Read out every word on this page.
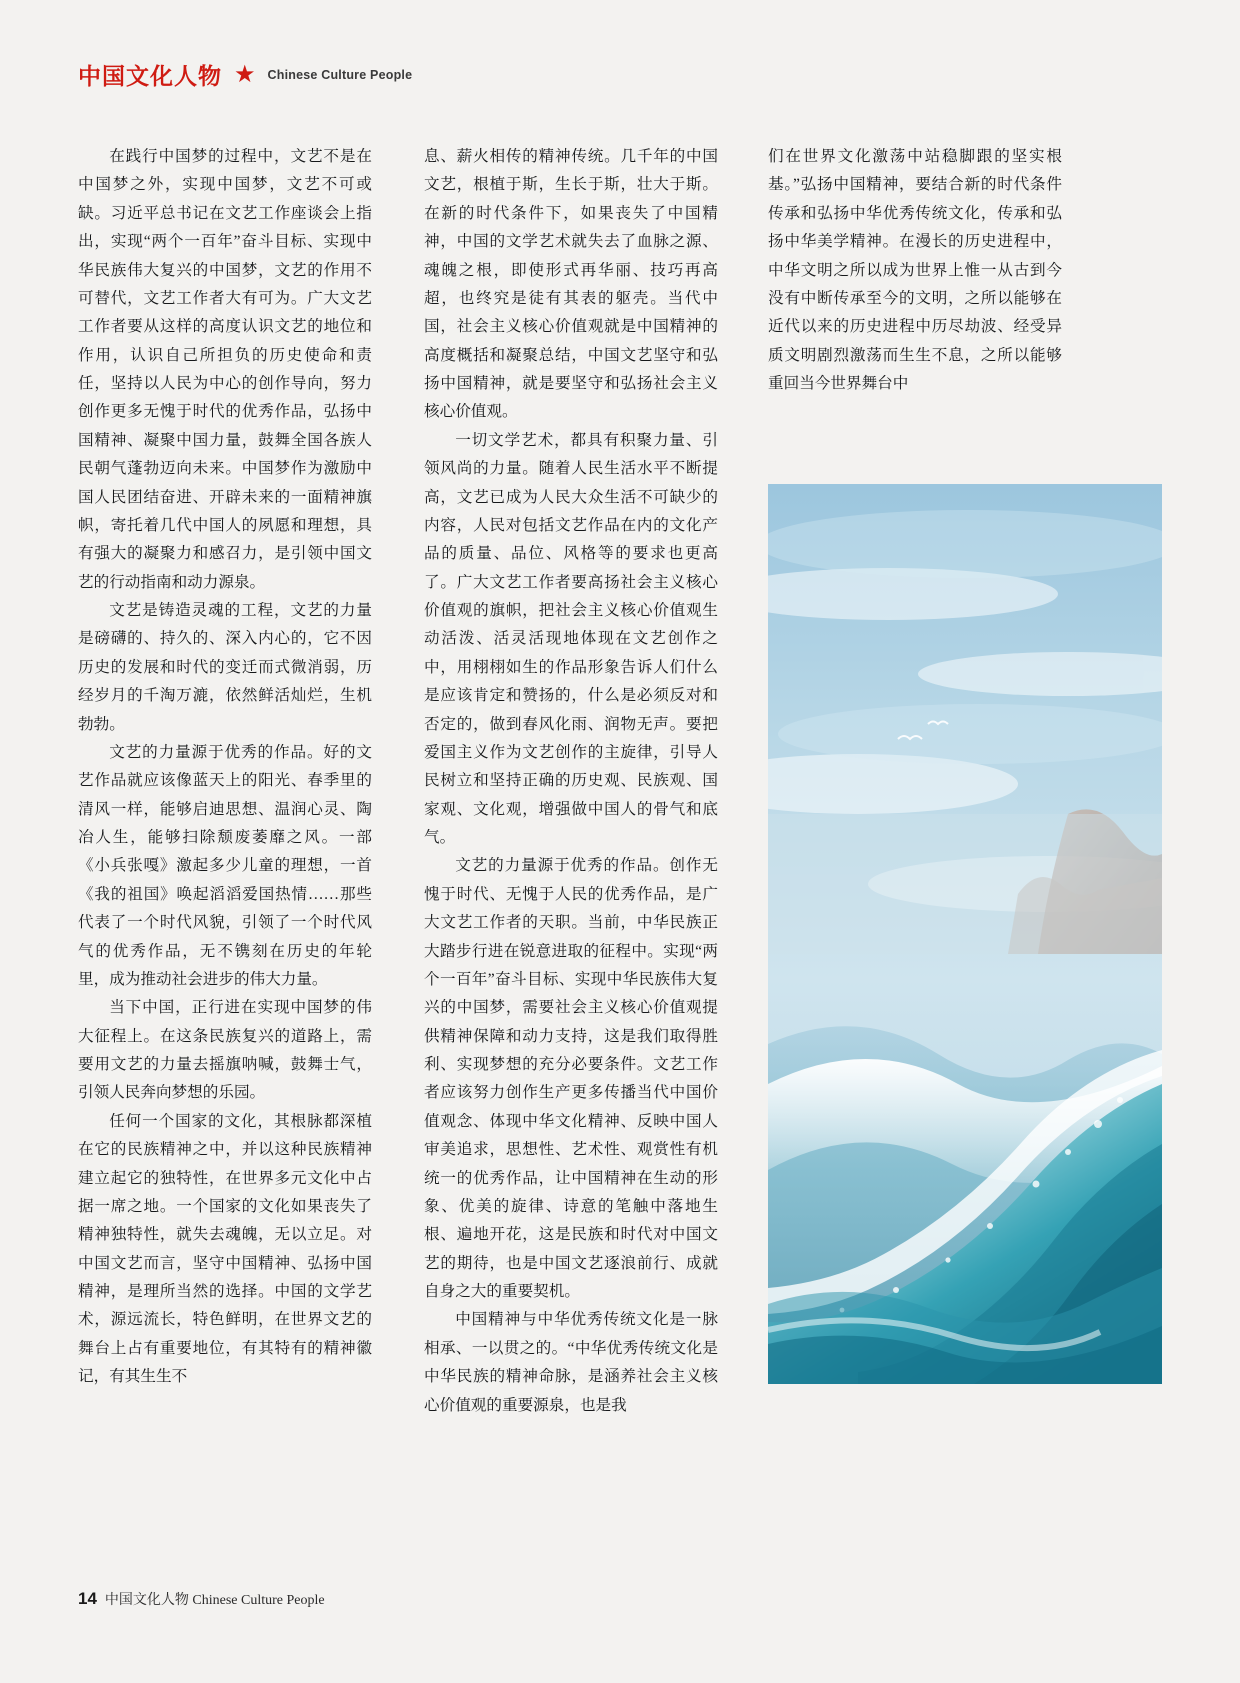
中国文化人物 ★ Chinese Culture People

在践行中国梦的过程中，文艺不是在中国梦之外，实现中国梦，文艺不可或缺。习近平总书记在文艺工作座谈会上指出，实现“两个一百年”奋斗目标、实现中华民族伟大复兴的中国梦，文艺的作用不可替代，文艺工作者大有可为。广大文艺工作者要从这样的高度认识文艺的地位和作用，认识自己所担负的历史使命和责任，坚持以人民为中心的创作导向，努力创作更多无愧于时代的优秀作品，弘扬中国精神、凝聚中国力量，鼓舞全国各族人民朝气蓬勃迈向未来。中国梦作为激励中国人民团结奋进、开辟未来的一面精神旗帜，寄托着几代中国人的夙愿和理想，具有强大的凝聚力和感召力，是引领中国文艺的行动指南和动力源泉。

文艺是铸造灵魂的工程，文艺的力量是磅礴的、持久的、深入内心的，它不因历史的发展和时代的变迁而式微消弱，历经岁月的千淘万漉，依然鲜活灿烂，生机勃勃。

文艺的力量源于优秀的作品。好的文艺作品就应该像蓝天上的阳光、春季里的清风一样，能够启迪思想、温润心灵、陶冶人生，能够扫除颓废萎靡之风。一部《小兵张嘎》激起多少儿童的理想，一首《我的祖国》唤起滔滔爱国热情……那些代表了一个时代风貌，引领了一个时代风气的优秀作品，无不镌刻在历史的年轮里，成为推动社会进步的伟大力量。

当下中国，正行进在实现中国梦的伟大征程上。在这条民族复兴的道路上，需要用文艺的力量去摇旗呐喊，鼓舞士气，引领人民奔向梦想的乐园。

任何一个国家的文化，其根脉都深植在它的民族精神之中，并以这种民族精神建立起它的独特性，在世界多元文化中占据一席之地。一个国家的文化如果丧失了精神独特性，就失去魂魄，无以立足。对中国文艺而言，坚守中国精神、弘扬中国精神，是理所当然的选择。中国的文学艺术，源远流长，特色鲜明，在世界文艺的舞台上占有重要地位，有其特有的精神徽记，有其生生不

息、薪火相传的精神传统。几千年的中国文艺，根植于斯，生长于斯，壮大于斯。在新的时代条件下，如果丧失了中国精神，中国的文学艺术就失去了血脉之源、魂魄之根，即使形式再华丽、技巧再高超，也终究是徒有其表的躯壳。当代中国，社会主义核心价值观就是中国精神的高度概括和凝聚总结，中国文艺坚守和弘扬中国精神，就是要坚守和弘扬社会主义核心价值观。

一切文学艺术，都具有积聚力量、引领风尚的力量。随着人民生活水平不断提高，文艺已成为人民大众生活不可缺少的内容，人民对包括文艺作品在内的文化产品的质量、品位、风格等的要求也更高了。广大文艺工作者要高扬社会主义核心价值观的旗帜，把社会主义核心价值观生动活泼、活灵活现地体现在文艺创作之中，用栩栩如生的作品形象告诉人们什么是应该肯定和赞扬的，什么是必须反对和否定的，做到春风化雨、润物无声。要把爱国主义作为文艺创作的主旋律，引导人民树立和坚持正确的历史观、民族观、国家观、文化观，增强做中国人的骨气和底气。

文艺的力量源于优秀的作品。创作无愧于时代、无愧于人民的优秀作品，是广大文艺工作者的天职。当前，中华民族正大踏步行进在锐意进取的征程中。实现“两个一百年”奋斗目标、实现中华民族伟大复兴的中国梦，需要社会主义核心价值观提供精神保障和动力支持，这是我们取得胜利、实现梦想的充分必要条件。文艺工作者应该努力创作生产更多传播当代中国价值观念、体现中华文化精神、反映中国人审美追求，思想性、艺术性、观赏性有机统一的优秀作品，让中国精神在生动的形象、优美的旋律、诗意的笔触中落地生根、遍地开花，这是民族和时代对中国文艺的期待，也是中国文艺逐浪前行、成就自身之大的重要契机。

中国精神与中华优秀传统文化是一脉相承、一以贯之的。“中华优秀传统文化是中华民族的精神命脉，是涵养社会主义核心价值观的重要源泉，也是我

们在世界文化激荡中站稳脚跟的坚实根基。”弘扬中国精神，要结合新的时代条件传承和弘扬中华优秀传统文化，传承和弘扬中华美学精神。在漫长的历史进程中，中华文明之所以成为世界上惟一从古到今没有中断传承至今的文明，之所以能够在近代以来的历史进程中历尽劫波、经受异质文明剧烈激荡而生生不息，之所以能够重回当今世界舞台中

14 中国文化人物 Chinese Culture People
